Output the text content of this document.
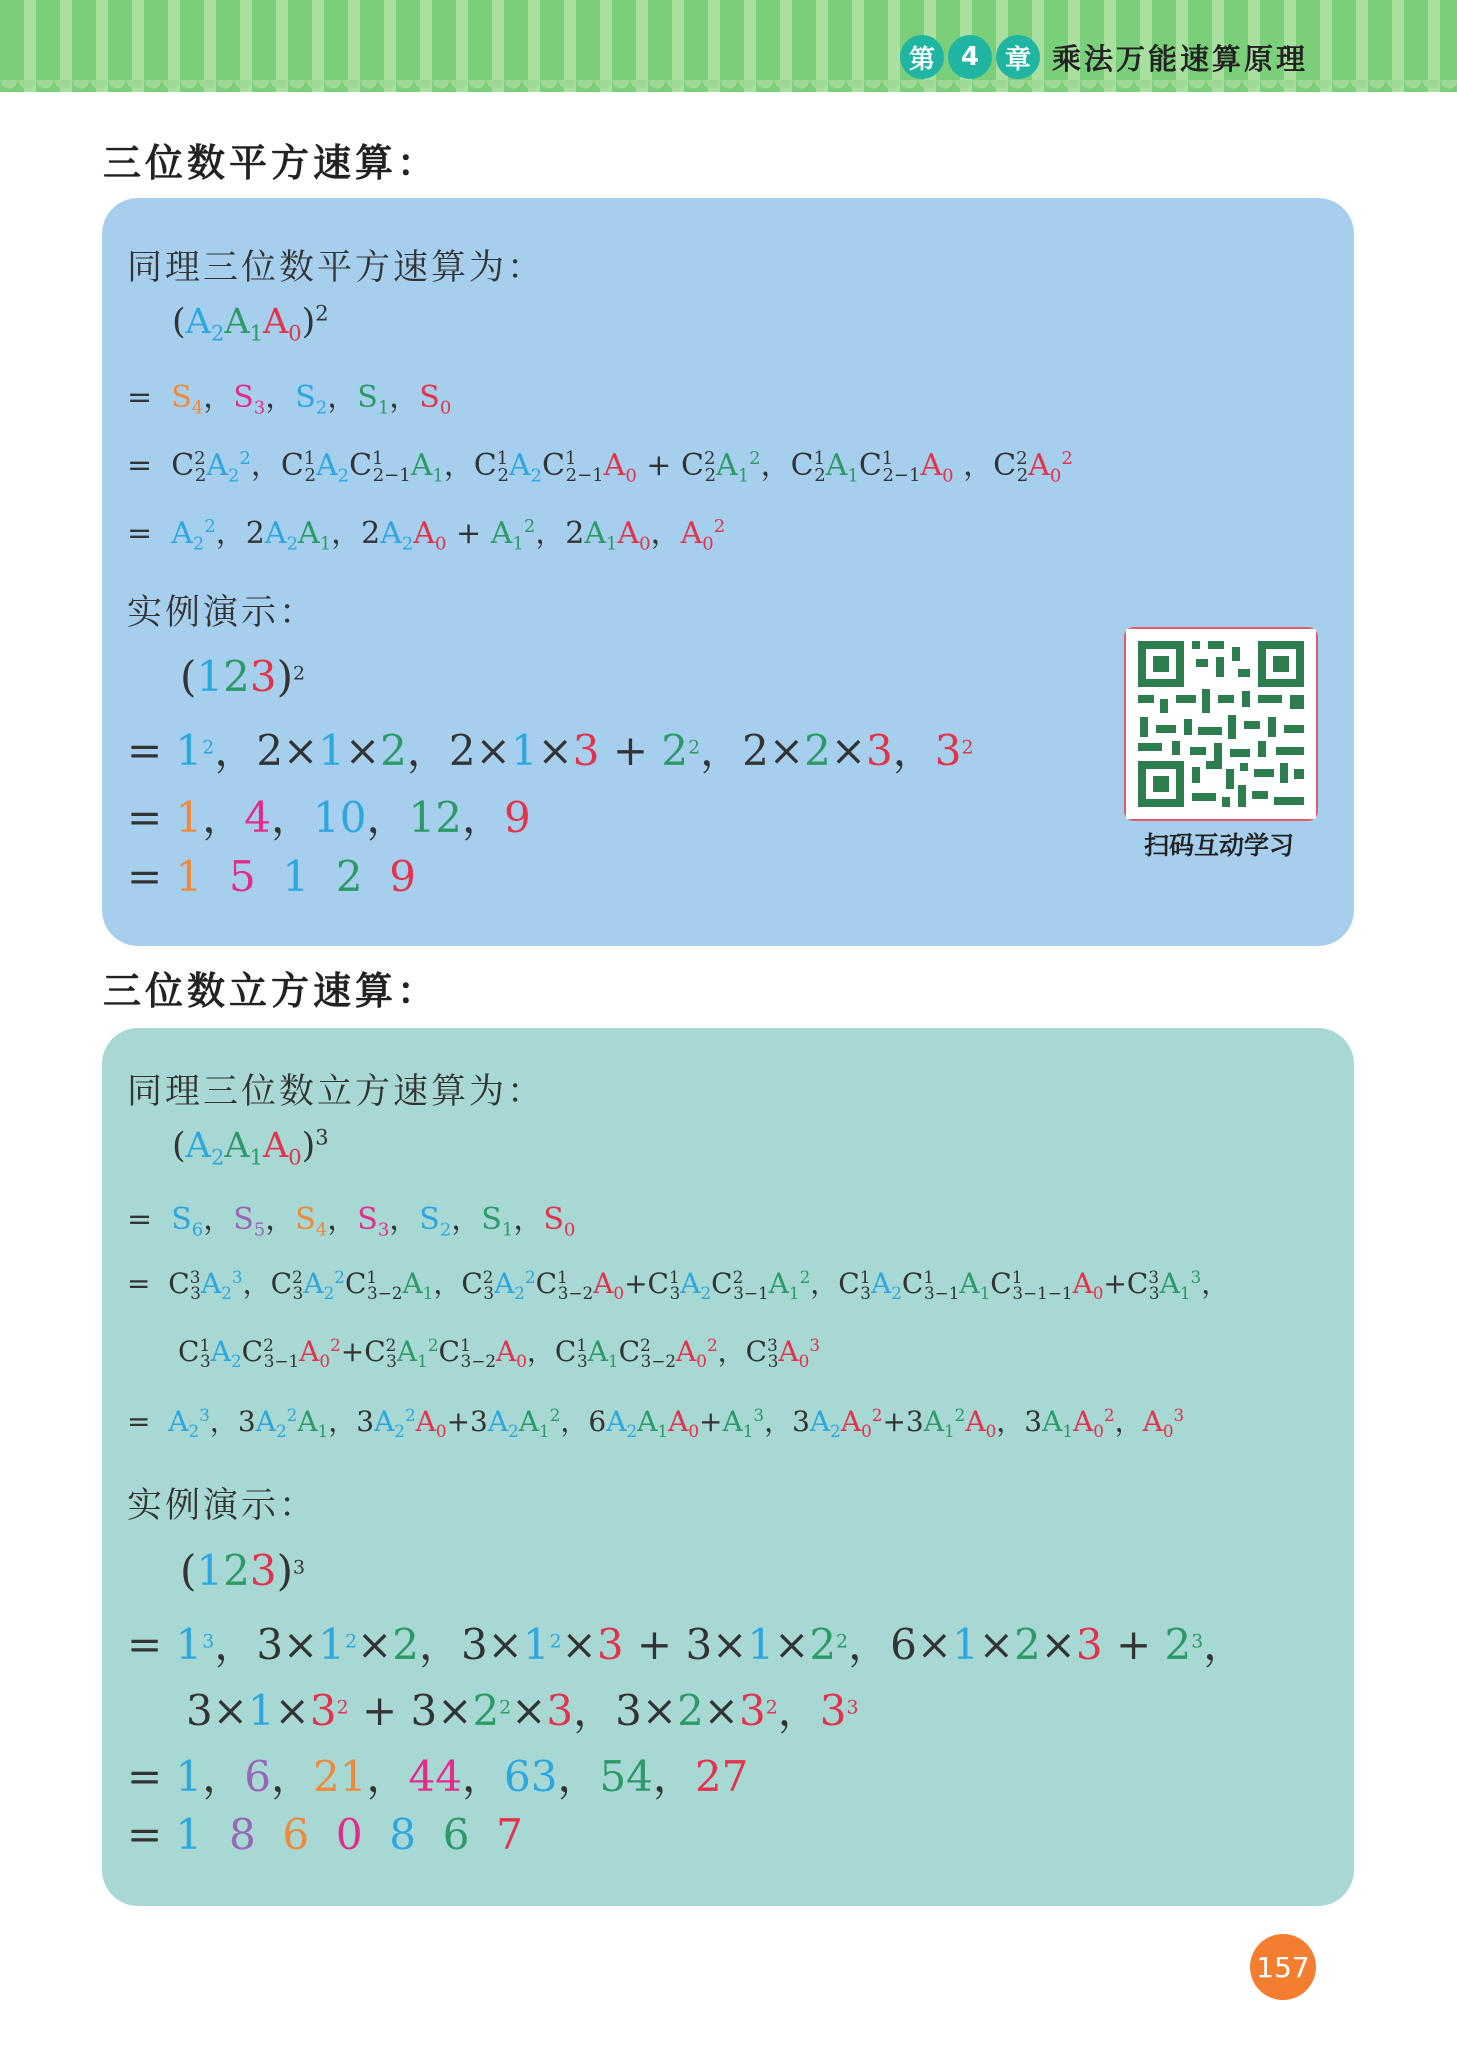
第 4 章 乘法万能速算原理
三位数平方速算：
同理三位数平方速算为：
$(A_2A_1A_0)^2$
=  $S_4$，$S_3$，$S_2$，$S_1$，$S_0$
=  $C^2_2A_2^2$，$C^1_2A_2C^1_{2-1}A_1$，$C^1_2A_2C^1_{2-1}A_0 + C^2_2A_1^2$，$C^1_2A_1C^1_{2-1}A_0$ ，$C^2_2A_0^2$
=  $A_2^2$，$2A_2A_1$，$2A_2A_0 + A_1^2$，$2A_1A_0$，$A_0^2$
实例演示：
$(123)^2$
= $1^2$，2×1×2，$2\times 1\times 3 + 2^2$，2×2×3，$3^2$
= 1，4，10，12，9
= 1 5 1 2 9
扫码互动学习
三位数立方速算：
同理三位数立方速算为：
$(A_2A_1A_0)^3$
=  $S_6$，$S_5$，$S_4$，$S_3$，$S_2$，$S_1$，$S_0$
=  $C^3_3A_2^3$，$C^2_3A_2^2C^1_{3-2}A_1$，$C^2_3A_2^2C^1_{3-2}A_0+C^1_3A_2C^2_{3-1}A_1^2$，$C^1_3A_2C^1_{3-1}A_1C^1_{3-1-1}A_0+C^3_3A_1^3$，
$C^1_3A_2C^2_{3-1}A_0^2+C^2_3A_1^2C^1_{3-2}A_0$，$C^1_3A_1C^2_{3-2}A_0^2$，$C^3_3A_0^3$
=  $A_2^3$，$3A_2^2A_1$，$3A_2^2A_0+3A_2A_1^2$，$6A_2A_1A_0+A_1^3$，$3A_2A_0^2+3A_1^2A_0$，$3A_1A_0^2$，$A_0^3$
实例演示：
$(123)^3$
= $1^3$，$3\times 1^2\times 2$，$3\times 1^2\times 3 + 3\times 1\times 2^2$，$6\times 1\times 2\times 3 + 2^3$，
$3\times 1\times 3^2 + 3\times 2^2\times 3$，$3\times 2\times 3^2$，$3^3$
= 1，6，21，44，63，54，27
= 1 8 6 0 8 6 7
157
